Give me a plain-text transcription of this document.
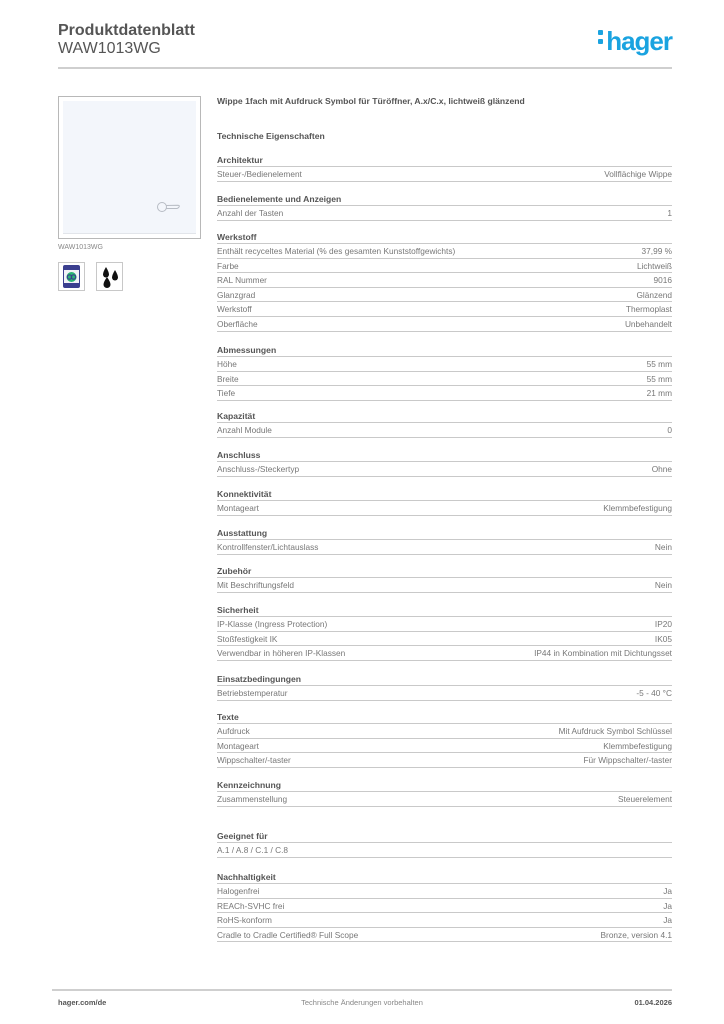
Produktdatenblatt
WAW1013WG	hager
WAW1013WG
Wippe 1fach mit Aufdruck Symbol für Türöffner, A.x/C.x, lichtweiß glänzend
Technische Eigenschaften
Architektur
Steuer-/Bedienelement	Vollflächige Wippe
Bedienelemente und Anzeigen
Anzahl der Tasten	1
Werkstoff
Enthält recyceltes Material (% des gesamten Kunststoffgewichts)	37,99 %
Farbe	Lichtweiß
RAL Nummer	9016
Glanzgrad	Glänzend
Werkstoff	Thermoplast
Oberfläche	Unbehandelt
Abmessungen
Höhe	55 mm
Breite	55 mm
Tiefe	21 mm
Kapazität
Anzahl Module	0
Anschluss
Anschluss-/Steckertyp	Ohne
Konnektivität
Montageart	Klemmbefestigung
Ausstattung
Kontrollfenster/Lichtauslass	Nein
Zubehör
Mit Beschriftungsfeld	Nein
Sicherheit
IP-Klasse (Ingress Protection)	IP20
Stoßfestigkeit IK	IK05
Verwendbar in höheren IP-Klassen	IP44 in Kombination mit Dichtungsset
Einsatzbedingungen
Betriebstemperatur	-5 - 40 °C
Texte
Aufdruck	Mit Aufdruck Symbol Schlüssel
Montageart	Klemmbefestigung
Wippschalter/-taster	Für Wippschalter/-taster
Kennzeichnung
Zusammenstellung	Steuerelement
Geeignet für
A.1 / A.8 / C.1 / C.8
Nachhaltigkeit
Halogenfrei	Ja
REACh-SVHC frei	Ja
RoHS-konform	Ja
Cradle to Cradle Certified® Full Scope	Bronze, version 4.1
hager.com/de	Technische Änderungen vorbehalten	01.04.2026
